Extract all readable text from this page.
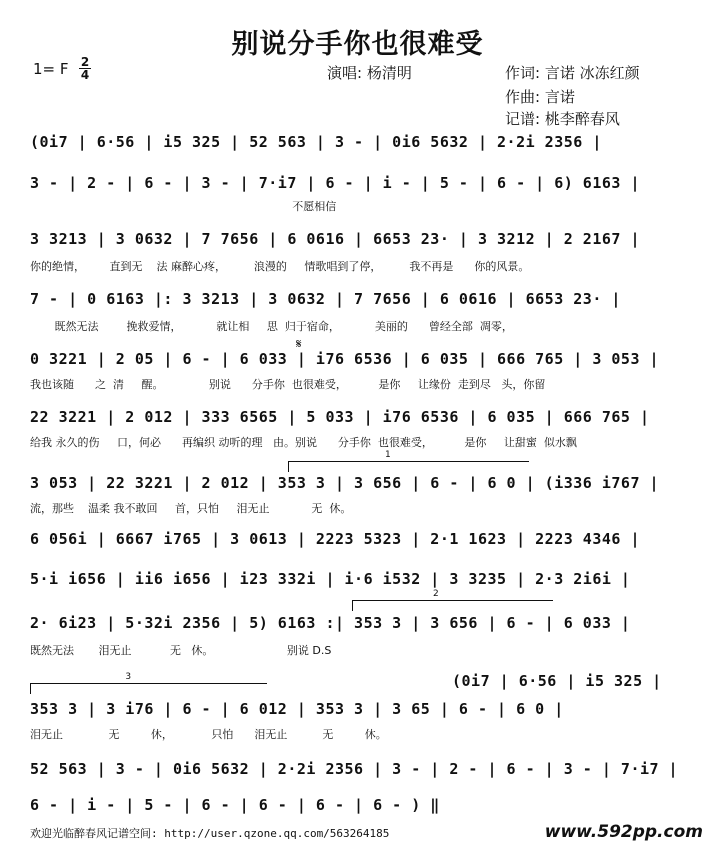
别说分手你也很难受
1= F 2
4	演唱: 杨清明	作词: 言诺 冰冻红颜
作曲: 言诺
记谱: 桃李醉春风
(0i7 | 6·56 | i5 325 | 52 563 | 3 - | 0i6 5632 | 2·2i 2356 |
3 - | 2 - | 6 - | 3 - | 7·i7 | 6 - | i - | 5 - | 6 - | 6) 6163 |
不愿相信
3 3213 | 3 0632 | 7 7656 | 6 0616 | 6653 23· | 3 3212 | 2 2167 |
你的绝情，       直到无    法 麻醉心疼，        浪漫的     情歌唱到了停，        我不再是      你的风景。
7 - | 0 6163 |: 3 3213 | 3 0632 | 7 7656 | 6 0616 | 6653 23· |
既然无法        挽救爱情，          就让相     思  归于宿命，          美丽的      曾经全部  凋零，
0 3221 | 2 05 | 6 - | 6 033 | i76 6536 | 6 035 | 666 765 | 3 053 |
我也该随      之  清     醒。             别说      分手你  也很难受，         是你     让缘份  走到尽   头，你留
𝄋
22 3221 | 2 012 | 333 6565 | 5 033 | i76 6536 | 6 035 | 666 765 |
给我 永久的伤     口，何必      再编织 动听的理   由。别说      分手你  也很难受，         是你     让甜蜜  似水飘
1
3 053 | 22 3221 | 2 012 | 353 3 | 3 656 | 6 - | 6 0 | (i336 i767 |
流，那些    温柔 我不敢回     首，只怕     泪无止            无  休。
6 056i | 6667 i765 | 3 0613 | 2223 5323 | 2·1 1623 | 2223 4346 |
5·i i656 | ii6 i656 | i23 332i | i·6 i532 | 3 3235 | 2·3 2i6i |
2
2· 6i23 | 5·32i 2356 | 5) 6163 :| 353 3 | 3 656 | 6 - | 6 033 |
既然无法       泪无止           无   休。                     别说 D.S
(0i7 | 6·56 | i5 325 |
3
353 3 | 3 i76 | 6 - | 6 012 | 353 3 | 3 65 | 6 - | 6 0 |
泪无止             无         休，           只怕      泪无止          无         休。
52 563 | 3 - | 0i6 5632 | 2·2i 2356 | 3 - | 2 - | 6 - | 3 - | 7·i7 |
6 - | i - | 5 - | 6 - | 6 - | 6 - | 6 - ) ‖
欢迎光临醉春风记谱空间: http://user.qzone.qq.com/563264185	www.592pp.com
